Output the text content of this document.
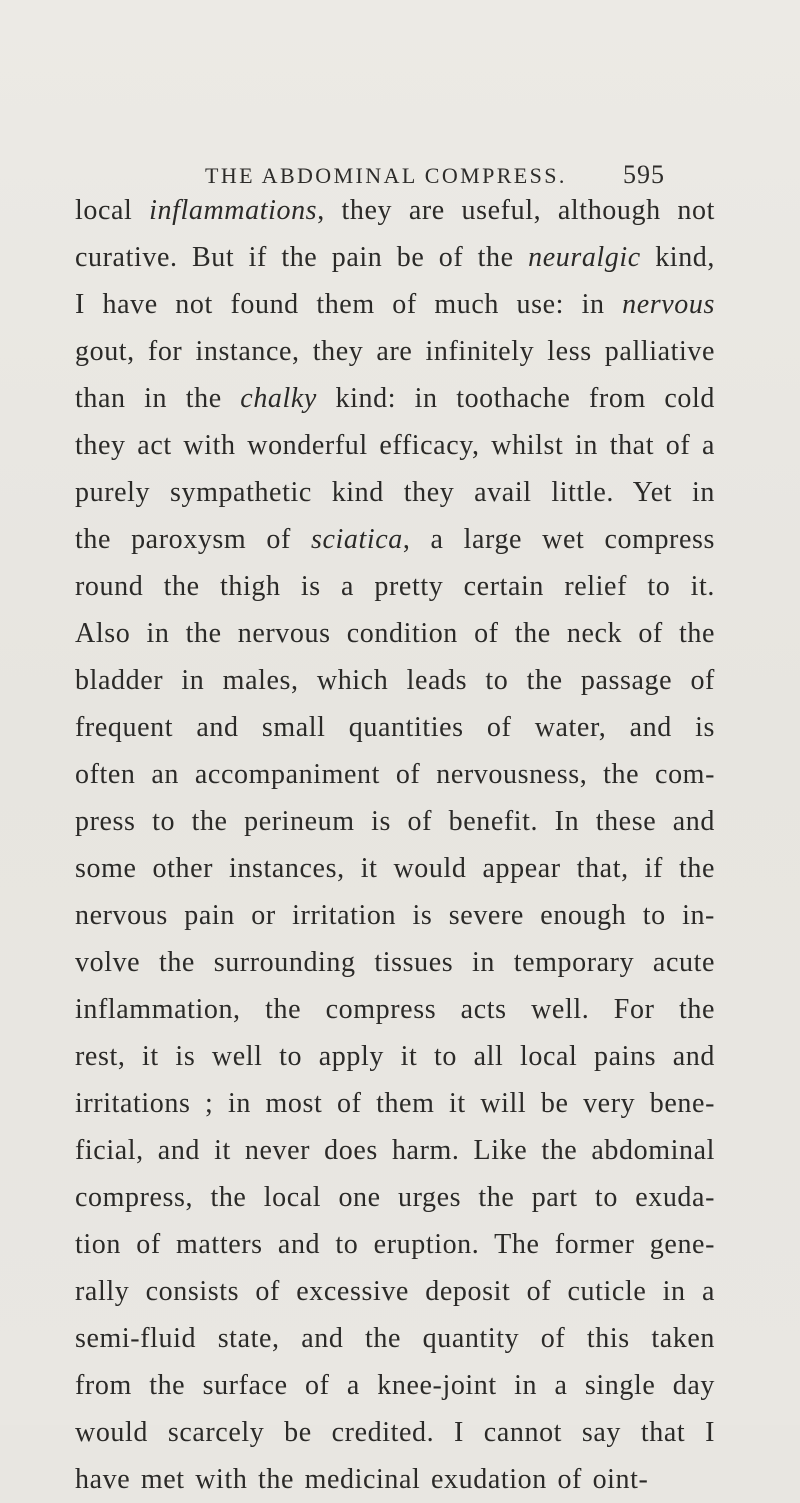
THE ABDOMINAL COMPRESS. 595
local inflammations, they are useful, although not
curative. But if the pain be of the neuralgic kind,
I have not found them of much use: in nervous
gout, for instance, they are infinitely less palliative
than in the chalky kind: in toothache from cold
they act with wonderful efficacy, whilst in that of a
purely sympathetic kind they avail little. Yet in
the paroxysm of sciatica, a large wet compress
round the thigh is a pretty certain relief to it.
Also in the nervous condition of the neck of the
bladder in males, which leads to the passage of
frequent and small quantities of water, and is
often an accompaniment of nervousness, the com-
press to the perineum is of benefit. In these and
some other instances, it would appear that, if the
nervous pain or irritation is severe enough to in-
volve the surrounding tissues in temporary acute
inflammation, the compress acts well. For the
rest, it is well to apply it to all local pains and
irritations ; in most of them it will be very bene-
ficial, and it never does harm. Like the abdominal
compress, the local one urges the part to exuda-
tion of matters and to eruption. The former gene-
rally consists of excessive deposit of cuticle in a
semi-fluid state, and the quantity of this taken
from the surface of a knee-joint in a single day
would scarcely be credited. I cannot say that I
have met with the medicinal exudation of oint-
